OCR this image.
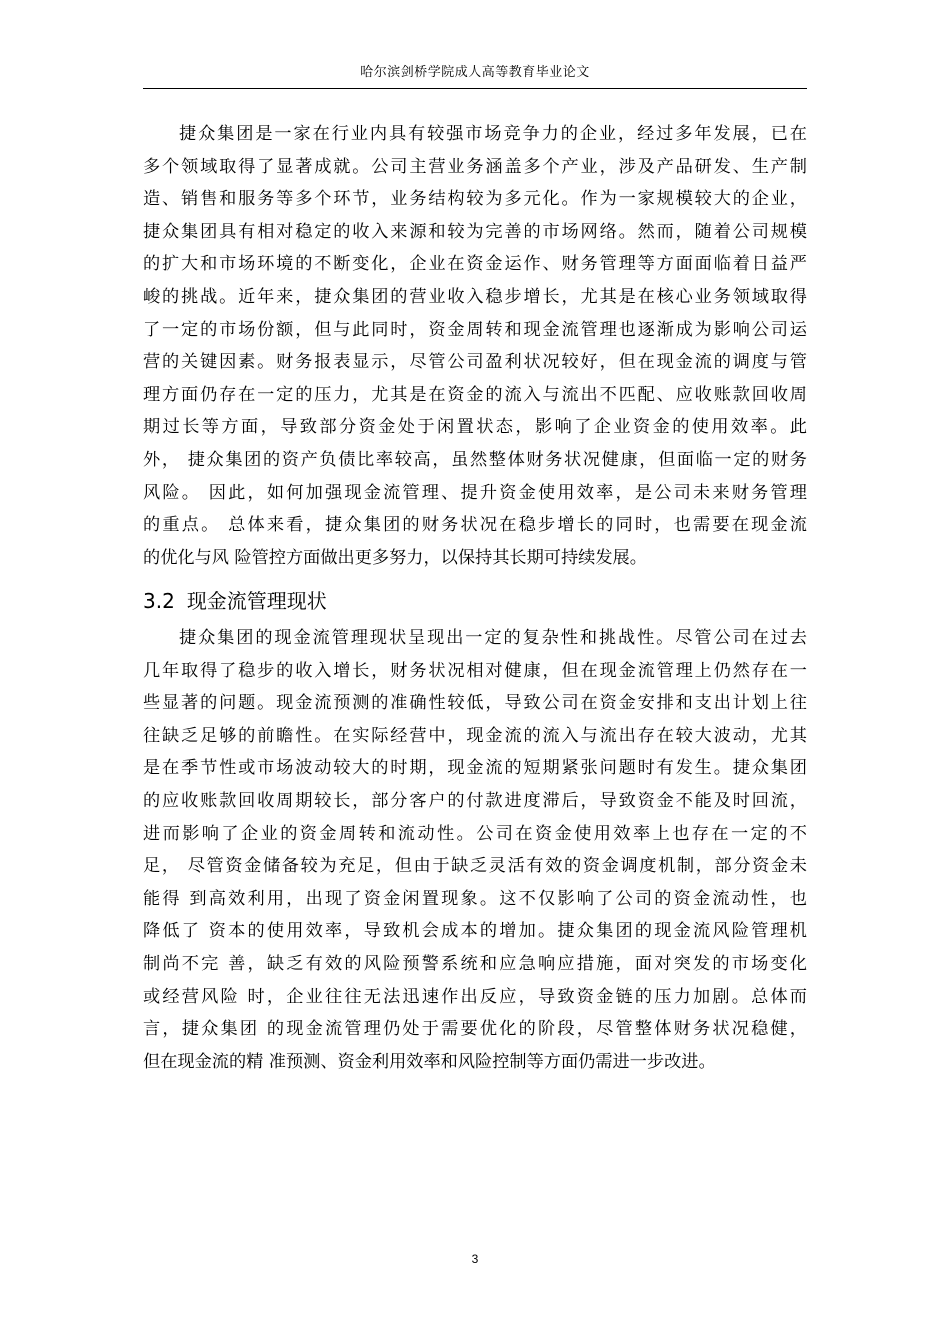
哈尔滨剑桥学院成人高等教育毕业论文
捷众集团是一家在行业内具有较强市场竞争力的企业，经过多年发展，已在
多个领域取得了显著成就。公司主营业务涵盖多个产业，涉及产品研发、生产制
造、销售和服务等多个环节，业务结构较为多元化。作为一家规模较大的企业，
捷众集团具有相对稳定的收入来源和较为完善的市场网络。然而，随着公司规模
的扩大和市场环境的不断变化，企业在资金运作、财务管理等方面面临着日益严
峻的挑战。近年来，捷众集团的营业收入稳步增长，尤其是在核心业务领域取得
了一定的市场份额，但与此同时，资金周转和现金流管理也逐渐成为影响公司运
营的关键因素。财务报表显示，尽管公司盈利状况较好，但在现金流的调度与管
理方面仍存在一定的压力，尤其是在资金的流入与流出不匹配、应收账款回收周
期过长等方面，导致部分资金处于闲置状态，影响了企业资金的使用效率。此
外， 捷众集团的资产负债比率较高，虽然整体财务状况健康，但面临一定的财务
风险。 因此，如何加强现金流管理、提升资金使用效率，是公司未来财务管理
的重点。 总体来看，捷众集团的财务状况在稳步增长的同时，也需要在现金流
的优化与风 险管控方面做出更多努力，以保持其长期可持续发展。
3.2 现金流管理现状
捷众集团的现金流管理现状呈现出一定的复杂性和挑战性。尽管公司在过去
几年取得了稳步的收入增长，财务状况相对健康，但在现金流管理上仍然存在一
些显著的问题。现金流预测的准确性较低，导致公司在资金安排和支出计划上往
往缺乏足够的前瞻性。在实际经营中，现金流的流入与流出存在较大波动，尤其
是在季节性或市场波动较大的时期，现金流的短期紧张问题时有发生。捷众集团
的应收账款回收周期较长，部分客户的付款进度滞后，导致资金不能及时回流，
进而影响了企业的资金周转和流动性。公司在资金使用效率上也存在一定的不
足， 尽管资金储备较为充足，但由于缺乏灵活有效的资金调度机制，部分资金未
能得 到高效利用，出现了资金闲置现象。这不仅影响了公司的资金流动性，也
降低了 资本的使用效率，导致机会成本的增加。捷众集团的现金流风险管理机
制尚不完 善，缺乏有效的风险预警系统和应急响应措施，面对突发的市场变化
或经营风险 时，企业往往无法迅速作出反应，导致资金链的压力加剧。总体而
言，捷众集团 的现金流管理仍处于需要优化的阶段，尽管整体财务状况稳健，
但在现金流的精 准预测、资金利用效率和风险控制等方面仍需进一步改进。
3
